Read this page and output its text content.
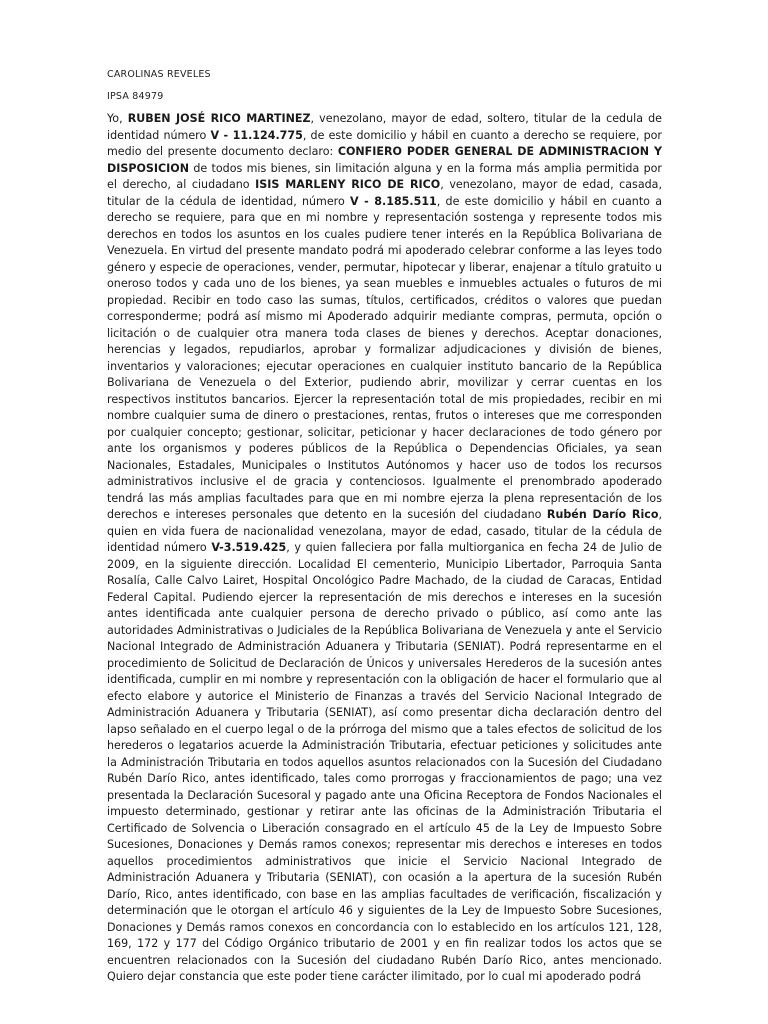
CAROLINAS REVELES

IPSA 84979

Yo, RUBEN JOSÉ RICO MARTINEZ, venezolano, mayor de edad, soltero, titular de la cedula de identidad número V - 11.124.775, de este domicilio y hábil en cuanto a derecho se requiere, por medio del presente documento declaro: CONFIERO PODER GENERAL DE ADMINISTRACION Y DISPOSICION de todos mis bienes, sin limitación alguna y en la forma más amplia permitida por el derecho, al ciudadano ISIS MARLENY RICO DE RICO, venezolano, mayor de edad, casada, titular de la cédula de identidad, número V - 8.185.511, de este domicilio y hábil en cuanto a derecho se requiere, para que en mi nombre y representación sostenga y represente todos mis derechos en todos los asuntos en los cuales pudiere tener interés en la República Bolivariana de Venezuela. En virtud del presente mandato podrá mi apoderado celebrar conforme a las leyes todo género y especie de operaciones, vender, permutar, hipotecar y liberar, enajenar a título gratuito u oneroso todos y cada uno de los bienes, ya sean muebles e inmuebles actuales o futuros de mi propiedad. Recibir en todo caso las sumas, títulos, certificados, créditos o valores que puedan corresponderme; podrá así mismo mi Apoderado adquirir mediante compras, permuta, opción o licitación o de cualquier otra manera toda clases de bienes y derechos. Aceptar donaciones, herencias y legados, repudiarlos, aprobar y formalizar adjudicaciones y división de bienes, inventarios y valoraciones; ejecutar operaciones en cualquier instituto bancario de la República Bolivariana de Venezuela o del Exterior, pudiendo abrir, movilizar y cerrar cuentas en los respectivos institutos bancarios. Ejercer la representación total de mis propiedades, recibir en mi nombre cualquier suma de dinero o prestaciones, rentas, frutos o intereses que me corresponden por cualquier concepto; gestionar, solicitar, peticionar y hacer declaraciones de todo género por ante los organismos y poderes públicos de la República o Dependencias Oficiales, ya sean Nacionales, Estadales, Municipales o Institutos Autónomos y hacer uso de todos los recursos administrativos inclusive el de gracia y contenciosos. Igualmente el prenombrado apoderado tendrá las más amplias facultades para que en mi nombre ejerza la plena representación de los derechos e intereses personales que detento en la sucesión del ciudadano Rubén Darío Rico, quien en vida fuera de nacionalidad venezolana, mayor de edad, casado, titular de la cédula de identidad número V-3.519.425, y quien falleciera por falla multiorganica en fecha 24 de Julio de 2009, en la siguiente dirección. Localidad El cementerio, Municipio Libertador, Parroquia Santa Rosalía, Calle Calvo Lairet, Hospital Oncológico Padre Machado, de la ciudad de Caracas, Entidad Federal Capital. Pudiendo ejercer la representación de mis derechos e intereses en la sucesión antes identificada ante cualquier persona de derecho privado o público, así como ante las autoridades Administrativas o Judiciales de la República Bolivariana de Venezuela y ante el Servicio Nacional Integrado de Administración Aduanera y Tributaria (SENIAT). Podrá representarme en el procedimiento de Solicitud de Declaración de Únicos y universales Herederos de la sucesión antes identificada, cumplir en mi nombre y representación con la obligación de hacer el formulario que al efecto elabore y autorice el Ministerio de Finanzas a través del Servicio Nacional Integrado de Administración Aduanera y Tributaria (SENIAT), así como presentar dicha declaración dentro del lapso señalado en el cuerpo legal o de la prórroga del mismo que a tales efectos de solicitud de los herederos o legatarios acuerde la Administración Tributaria, efectuar peticiones y solicitudes ante la Administración Tributaria en todos aquellos asuntos relacionados con la Sucesión del Ciudadano Rubén Darío Rico, antes identificado, tales como prorrogas y fraccionamientos de pago; una vez presentada la Declaración Sucesoral y pagado ante una Oficina Receptora de Fondos Nacionales el impuesto determinado, gestionar y retirar ante las oficinas de la Administración Tributaria el Certificado de Solvencia o Liberación consagrado en el artículo 45 de la Ley de Impuesto Sobre Sucesiones, Donaciones y Demás ramos conexos; representar mis derechos e intereses en todos aquellos procedimientos administrativos que inicie el Servicio Nacional Integrado de Administración Aduanera y Tributaria (SENIAT), con ocasión a la apertura de la sucesión Rubén Darío, Rico, antes identificado, con base en las amplias facultades de verificación, fiscalización y determinación que le otorgan el artículo 46 y siguientes de la Ley de Impuesto Sobre Sucesiones, Donaciones y Demás ramos conexos en concordancia con lo establecido en los artículos 121, 128, 169, 172 y 177 del Código Orgánico tributario de 2001 y en fin realizar todos los actos que se encuentren relacionados con la Sucesión del ciudadano Rubén Darío Rico, antes mencionado. Quiero dejar constancia que este poder tiene carácter ilimitado, por lo cual mi apoderado podrá
